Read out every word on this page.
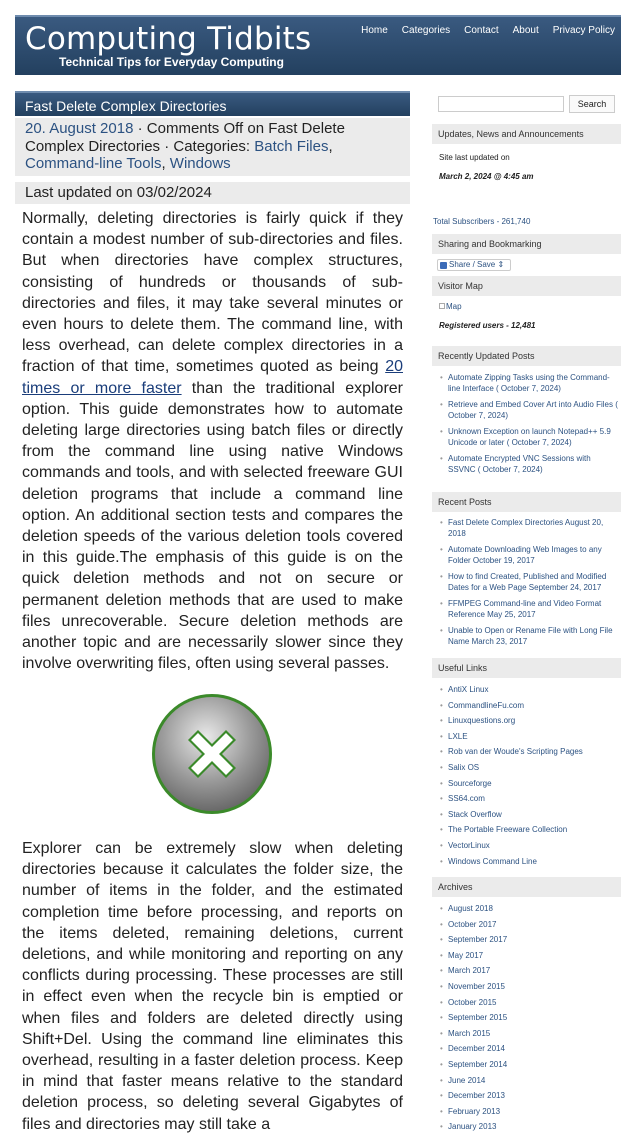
Computing Tidbits
Technical Tips for Everyday Computing
Home Categories Contact About Privacy Policy
Fast Delete Complex Directories
20. August 2018 · Comments Off on Fast Delete Complex Directories · Categories: Batch Files, Command-line Tools, Windows
Last updated on 03/02/2024
Normally, deleting directories is fairly quick if they contain a modest number of sub-directories and files. But when directories have complex structures, consisting of hundreds or thousands of sub-directories and files, it may take several minutes or even hours to delete them. The command line, with less overhead, can delete complex directories in a fraction of that time, sometimes quoted as being 20 times or more faster than the traditional explorer option. This guide demonstrates how to automate deleting large directories using batch files or directly from the command line using native Windows commands and tools, and with selected freeware GUI deletion programs that include a command line option. An additional section tests and compares the deletion speeds of the various deletion tools covered in this guide.The emphasis of this guide is on the quick deletion methods and not on secure or permanent deletion methods that are used to make files unrecoverable. Secure deletion methods are another topic and are necessarily slower since they involve overwriting files, often using several passes.
Explorer can be extremely slow when deleting directories because it calculates the folder size, the number of items in the folder, and the estimated completion time before processing, and reports on the items deleted, remaining deletions, current deletions, and while monitoring and reporting on any conflicts during processing. These processes are still in effect even when the recycle bin is emptied or when files and folders are deleted directly using Shift+Del. Using the command line eliminates this overhead, resulting in a faster deletion process. Keep in mind that faster means relative to the standard deletion process, so deleting several Gigabytes of files and directories may still take a
Search
Updates, News and Announcements
Site last updated on
March 2, 2024 @ 4:45 am
Total Subscribers - 261,740
Sharing and Bookmarking
Share / Save ⇕
Visitor Map
Map
Registered users - 12,481
Recently Updated Posts
• Automate Zipping Tasks using the Command-line Interface ( October 7, 2024)
• Retrieve and Embed Cover Art into Audio Files ( October 7, 2024)
• Unknown Exception on launch Notepad++ 5.9 Unicode or later ( October 7, 2024)
• Automate Encrypted VNC Sessions with SSVNC ( October 7, 2024)
Recent Posts
• Fast Delete Complex Directories August 20, 2018
• Automate Downloading Web Images to any Folder October 19, 2017
• How to find Created, Published and Modified Dates for a Web Page September 24, 2017
• FFMPEG Command-line and Video Format Reference May 25, 2017
• Unable to Open or Rename File with Long File Name March 23, 2017
Useful Links
• AntiX Linux
• CommandlineFu.com
• Linuxquestions.org
• LXLE
• Rob van der Woude's Scripting Pages
• Salix OS
• Sourceforge
• SS64.com
• Stack Overflow
• The Portable Freeware Collection
• VectorLinux
• Windows Command Line
Archives
• August 2018
• October 2017
• September 2017
• May 2017
• March 2017
• November 2015
• October 2015
• September 2015
• March 2015
• December 2014
• September 2014
• June 2014
• December 2013
• February 2013
• January 2013
